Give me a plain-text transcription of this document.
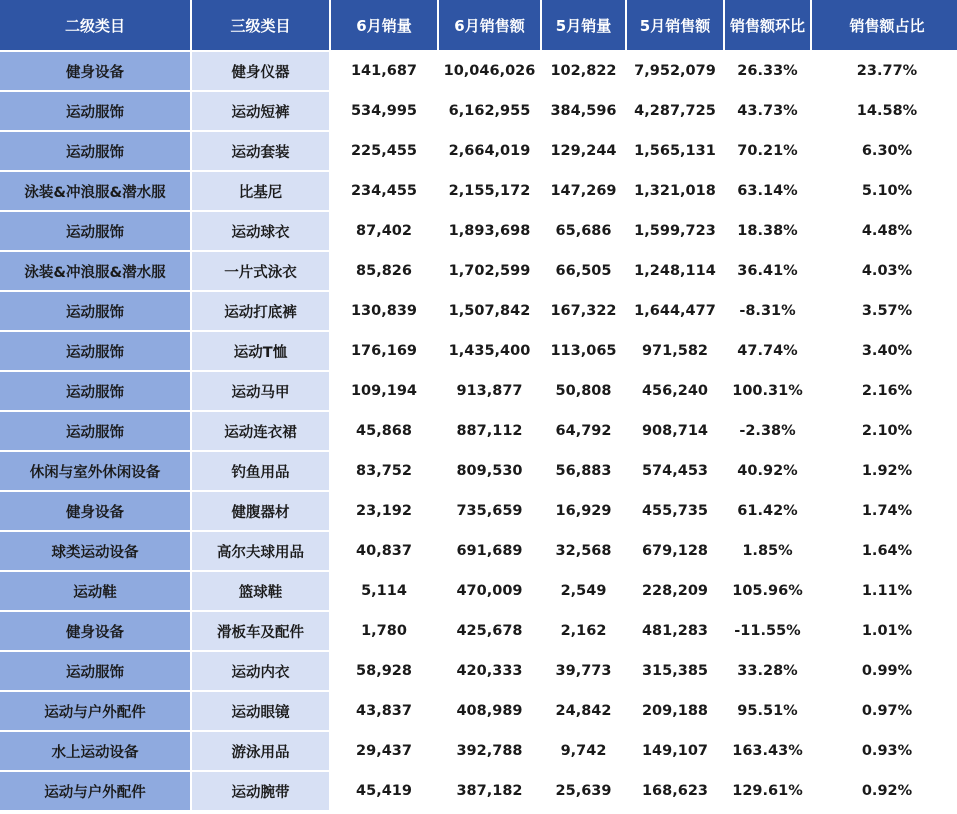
二级类目	三级类目	6月销量	6月销售额	5月销量	5月销售额	销售额环比	销售额占比
健身设备	健身仪器	141,687	10,046,026	102,822	7,952,079	26.33%	23.77%
运动服饰	运动短裤	534,995	6,162,955	384,596	4,287,725	43.73%	14.58%
运动服饰	运动套装	225,455	2,664,019	129,244	1,565,131	70.21%	6.30%
泳装&冲浪服&潜水服	比基尼	234,455	2,155,172	147,269	1,321,018	63.14%	5.10%
运动服饰	运动球衣	87,402	1,893,698	65,686	1,599,723	18.38%	4.48%
泳装&冲浪服&潜水服	一片式泳衣	85,826	1,702,599	66,505	1,248,114	36.41%	4.03%
运动服饰	运动打底裤	130,839	1,507,842	167,322	1,644,477	-8.31%	3.57%
运动服饰	运动T恤	176,169	1,435,400	113,065	971,582	47.74%	3.40%
运动服饰	运动马甲	109,194	913,877	50,808	456,240	100.31%	2.16%
运动服饰	运动连衣裙	45,868	887,112	64,792	908,714	-2.38%	2.10%
休闲与室外休闲设备	钓鱼用品	83,752	809,530	56,883	574,453	40.92%	1.92%
健身设备	健腹器材	23,192	735,659	16,929	455,735	61.42%	1.74%
球类运动设备	高尔夫球用品	40,837	691,689	32,568	679,128	1.85%	1.64%
运动鞋	篮球鞋	5,114	470,009	2,549	228,209	105.96%	1.11%
健身设备	滑板车及配件	1,780	425,678	2,162	481,283	-11.55%	1.01%
运动服饰	运动内衣	58,928	420,333	39,773	315,385	33.28%	0.99%
运动与户外配件	运动眼镜	43,837	408,989	24,842	209,188	95.51%	0.97%
水上运动设备	游泳用品	29,437	392,788	9,742	149,107	163.43%	0.93%
运动与户外配件	运动腕带	45,419	387,182	25,639	168,623	129.61%	0.92%
